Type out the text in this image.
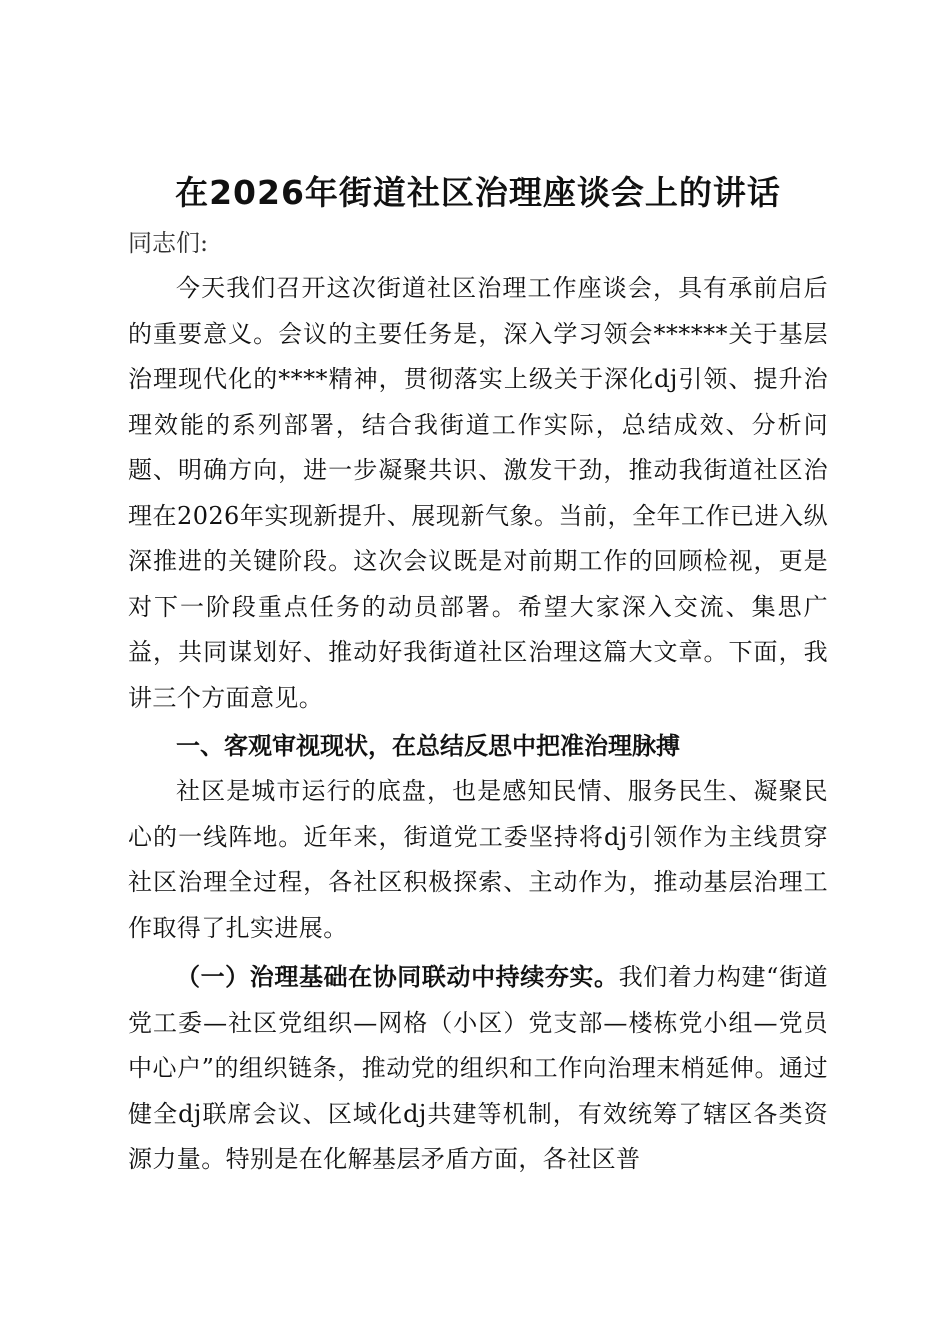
在2026年街道社区治理座谈会上的讲话

同志们:

今天我们召开这次街道社区治理工作座谈会，具有承前启后的重要意义。会议的主要任务是，深入学习领会******关于基层治理现代化的****精神，贯彻落实上级关于深化dj引领、提升治理效能的系列部署，结合我街道工作实际，总结成效、分析问题、明确方向，进一步凝聚共识、激发干劲，推动我街道社区治理在2026年实现新提升、展现新气象。当前，全年工作已进入纵深推进的关键阶段。这次会议既是对前期工作的回顾检视，更是对下一阶段重点任务的动员部署。希望大家深入交流、集思广益，共同谋划好、推动好我街道社区治理这篇大文章。下面，我讲三个方面意见。

一、客观审视现状，在总结反思中把准治理脉搏

社区是城市运行的底盘，也是感知民情、服务民生、凝聚民心的一线阵地。近年来，街道党工委坚持将dj引领作为主线贯穿社区治理全过程，各社区积极探索、主动作为，推动基层治理工作取得了扎实进展。

（一）治理基础在协同联动中持续夯实。我们着力构建“街道党工委—社区党组织—网格（小区）党支部—楼栋党小组—党员中心户”的组织链条，推动党的组织和工作向治理末梢延伸。通过健全dj联席会议、区域化dj共建等机制，有效统筹了辖区各类资源力量。特别是在化解基层矛盾方面，各社区普
